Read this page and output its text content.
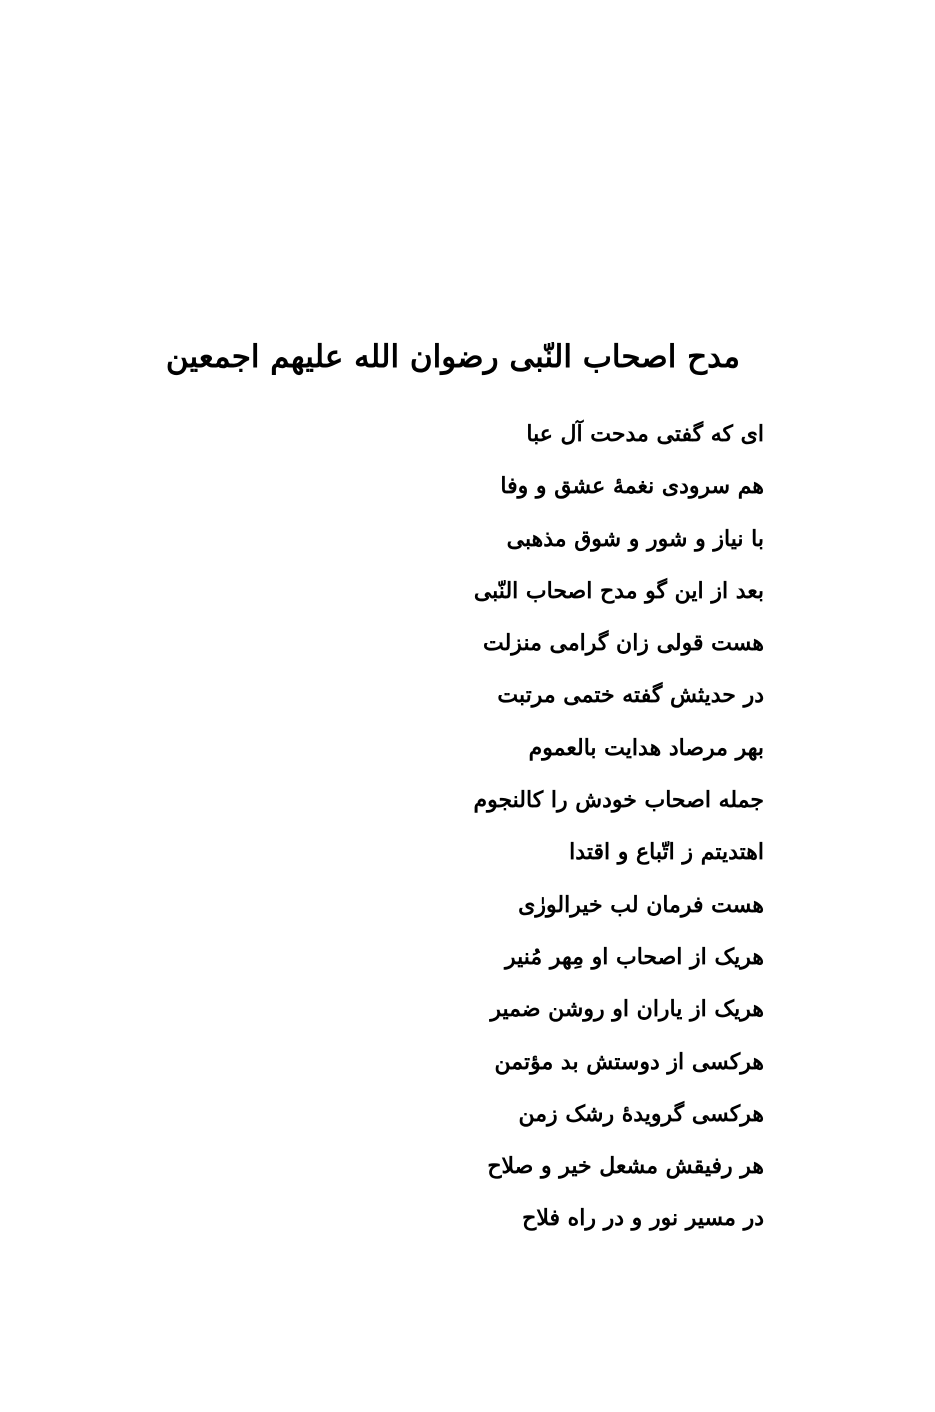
مدح اصحاب النّبی رضوان الله علیهم اجمعین
ای که گفتی مدحت آل عبا
هم سرودی نغمهٔ عشق و وفا
با نیاز و شور و شوق مذهبی
بعد از این گو مدح اصحاب النّبی
هست قولی زان گرامی منزلت
در حدیثش گفته ختمی مرتبت
بهر مرصاد هدایت بالعموم
جمله اصحاب خودش را کالنجوم
اهتدیتم ز اتّباع و اقتدا
هست فرمان لب خیرالورٰی
هریک از اصحاب او مِهر مُنیر
هریک از یاران او روشن ضمیر
هرکسی از دوستش بد مؤتمن
هرکسی گرویدهٔ رشک زمن
هر رفیقش مشعل خیر و صلاح
در مسیر نور و در راه فلاح
